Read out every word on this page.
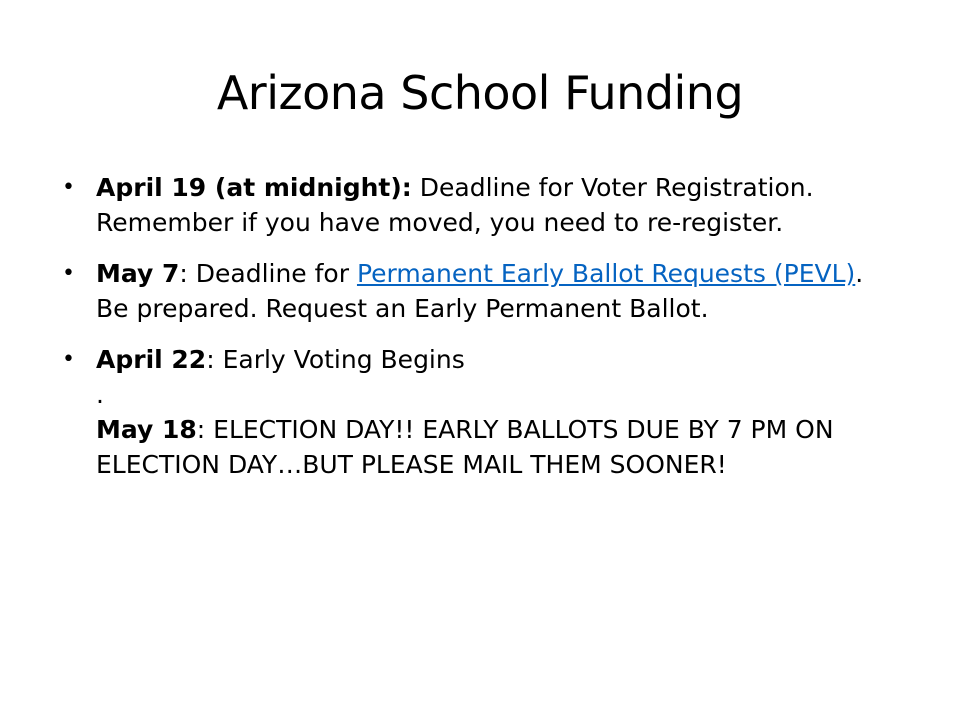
Arizona School Funding
• April 19 (at midnight): Deadline for Voter Registration. Remember if you have moved, you need to re-register.
• May 7: Deadline for Permanent Early Ballot Requests (PEVL). Be prepared. Request an Early Permanent Ballot.
• April 22: Early Voting Begins
.
May 18: ELECTION DAY!! EARLY BALLOTS DUE BY 7 PM ON ELECTION DAY…BUT PLEASE MAIL THEM SOONER!
